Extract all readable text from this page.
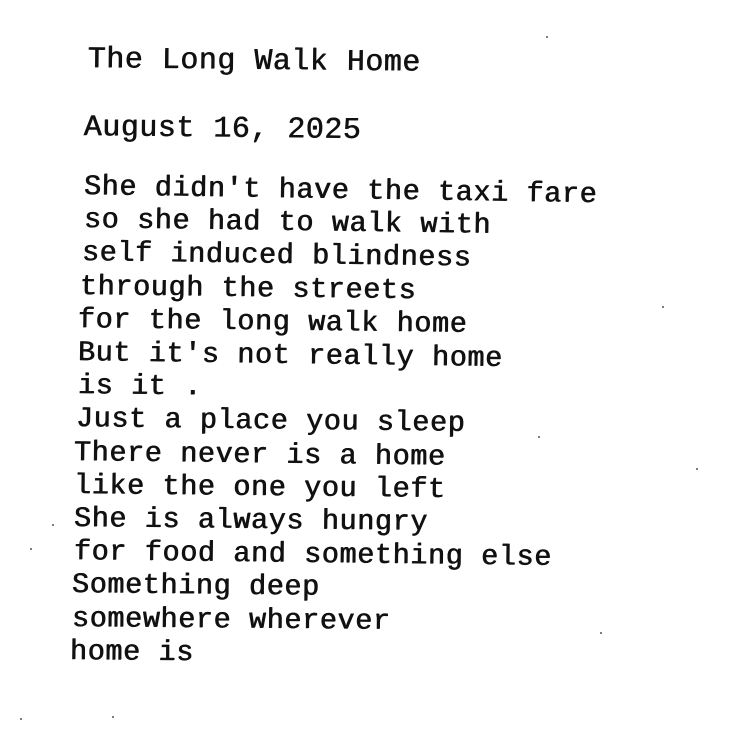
The Long Walk Home
August 16, 2025
She didn't have the taxi fare
so she had to walk with
self induced blindness
through the streets
for the long walk home
But it's not really home
is it .
Just a place you sleep
There never is a home
like the one you left
She is always hungry
for food and something else
Something deep
somewhere wherever
home is
